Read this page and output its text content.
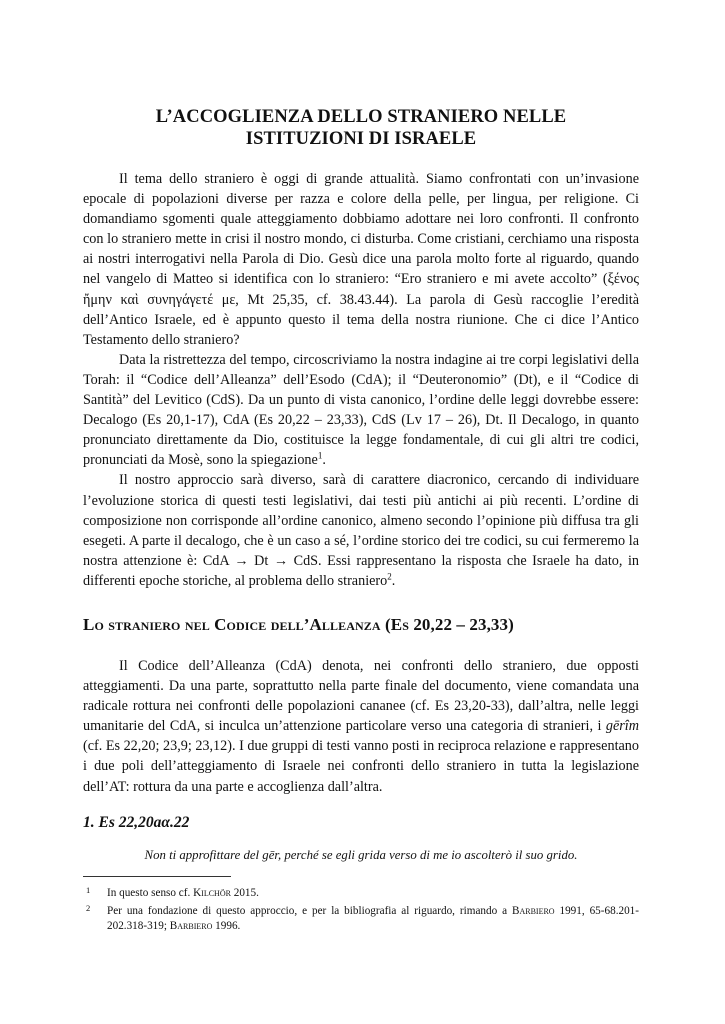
L’ACCOGLIENZA DELLO STRANIERO NELLE
ISTITUZIONI DI ISRAELE

Il tema dello straniero è oggi di grande attualità. Siamo confrontati con un’invasione epocale di popolazioni diverse per razza e colore della pelle, per lingua, per religione. Ci domandiamo sgomenti quale atteggiamento dobbiamo adottare nei loro confronti. Il confronto con lo straniero mette in crisi il nostro mondo, ci disturba. Come cristiani, cerchiamo una risposta ai nostri interrogativi nella Parola di Dio. Gesù dice una parola molto forte al riguardo, quando nel vangelo di Matteo si identifica con lo straniero: “Ero straniero e mi avete accolto” (ξένος ἤμην καὶ συνηγάγετέ με, Mt 25,35, cf. 38.43.44). La parola di Gesù raccoglie l’eredità dell’Antico Israele, ed è appunto questo il tema della nostra riunione. Che ci dice l’Antico Testamento dello straniero?

Data la ristrettezza del tempo, circoscriviamo la nostra indagine ai tre corpi legislativi della Torah: il “Codice dell’Alleanza” dell’Esodo (CdA); il “Deuteronomio” (Dt), e il “Codice di Santità” del Levitico (CdS). Da un punto di vista canonico, l’ordine delle leggi dovrebbe essere: Decalogo (Es 20,1-17), CdA (Es 20,22 – 23,33), CdS (Lv 17 – 26), Dt. Il Decalogo, in quanto pronunciato direttamente da Dio, costituisce la legge fondamentale, di cui gli altri tre codici, pronunciati da Mosè, sono la spiegazione$^1$.

Il nostro approccio sarà diverso, sarà di carattere diacronico, cercando di individuare l’evoluzione storica di questi testi legislativi, dai testi più antichi ai più recenti. L’ordine di composizione non corrisponde all’ordine canonico, almeno secondo l’opinione più diffusa tra gli esegeti. A parte il decalogo, che è un caso a sé, l’ordine storico dei tre codici, su cui fermeremo la nostra attenzione è: CdA → Dt → CdS. Essi rappresentano la risposta che Israele ha dato, in differenti epoche storiche, al problema dello straniero$^2$.

Lo straniero nel Codice dell’Alleanza (Es 20,22 – 23,33)

Il Codice dell’Alleanza (CdA) denota, nei confronti dello straniero, due opposti atteggiamenti. Da una parte, soprattutto nella parte finale del documento, viene comandata una radicale rottura nei confronti delle popolazioni cananee (cf. Es 23,20-33), dall’altra, nelle leggi umanitarie del CdA, si inculca un’attenzione particolare verso una categoria di stranieri, i gērîm (cf. Es 22,20; 23,9; 23,12). I due gruppi di testi vanno posti in reciproca relazione e rappresentano i due poli dell’atteggiamento di Israele nei confronti dello straniero in tutta la legislazione dell’AT: rottura da una parte e accoglienza dall’altra.

1. Es 22,20aα.22
Non ti approfittare del gēr, perché se egli grida verso di me io ascolterò il suo grido.
1 In questo senso cf. Kilchör 2015.
2 Per una fondazione di questo approccio, e per la bibliografia al riguardo, rimando a Barbiero 1991, 65-68.201-202.318-319; Barbiero 1996.
